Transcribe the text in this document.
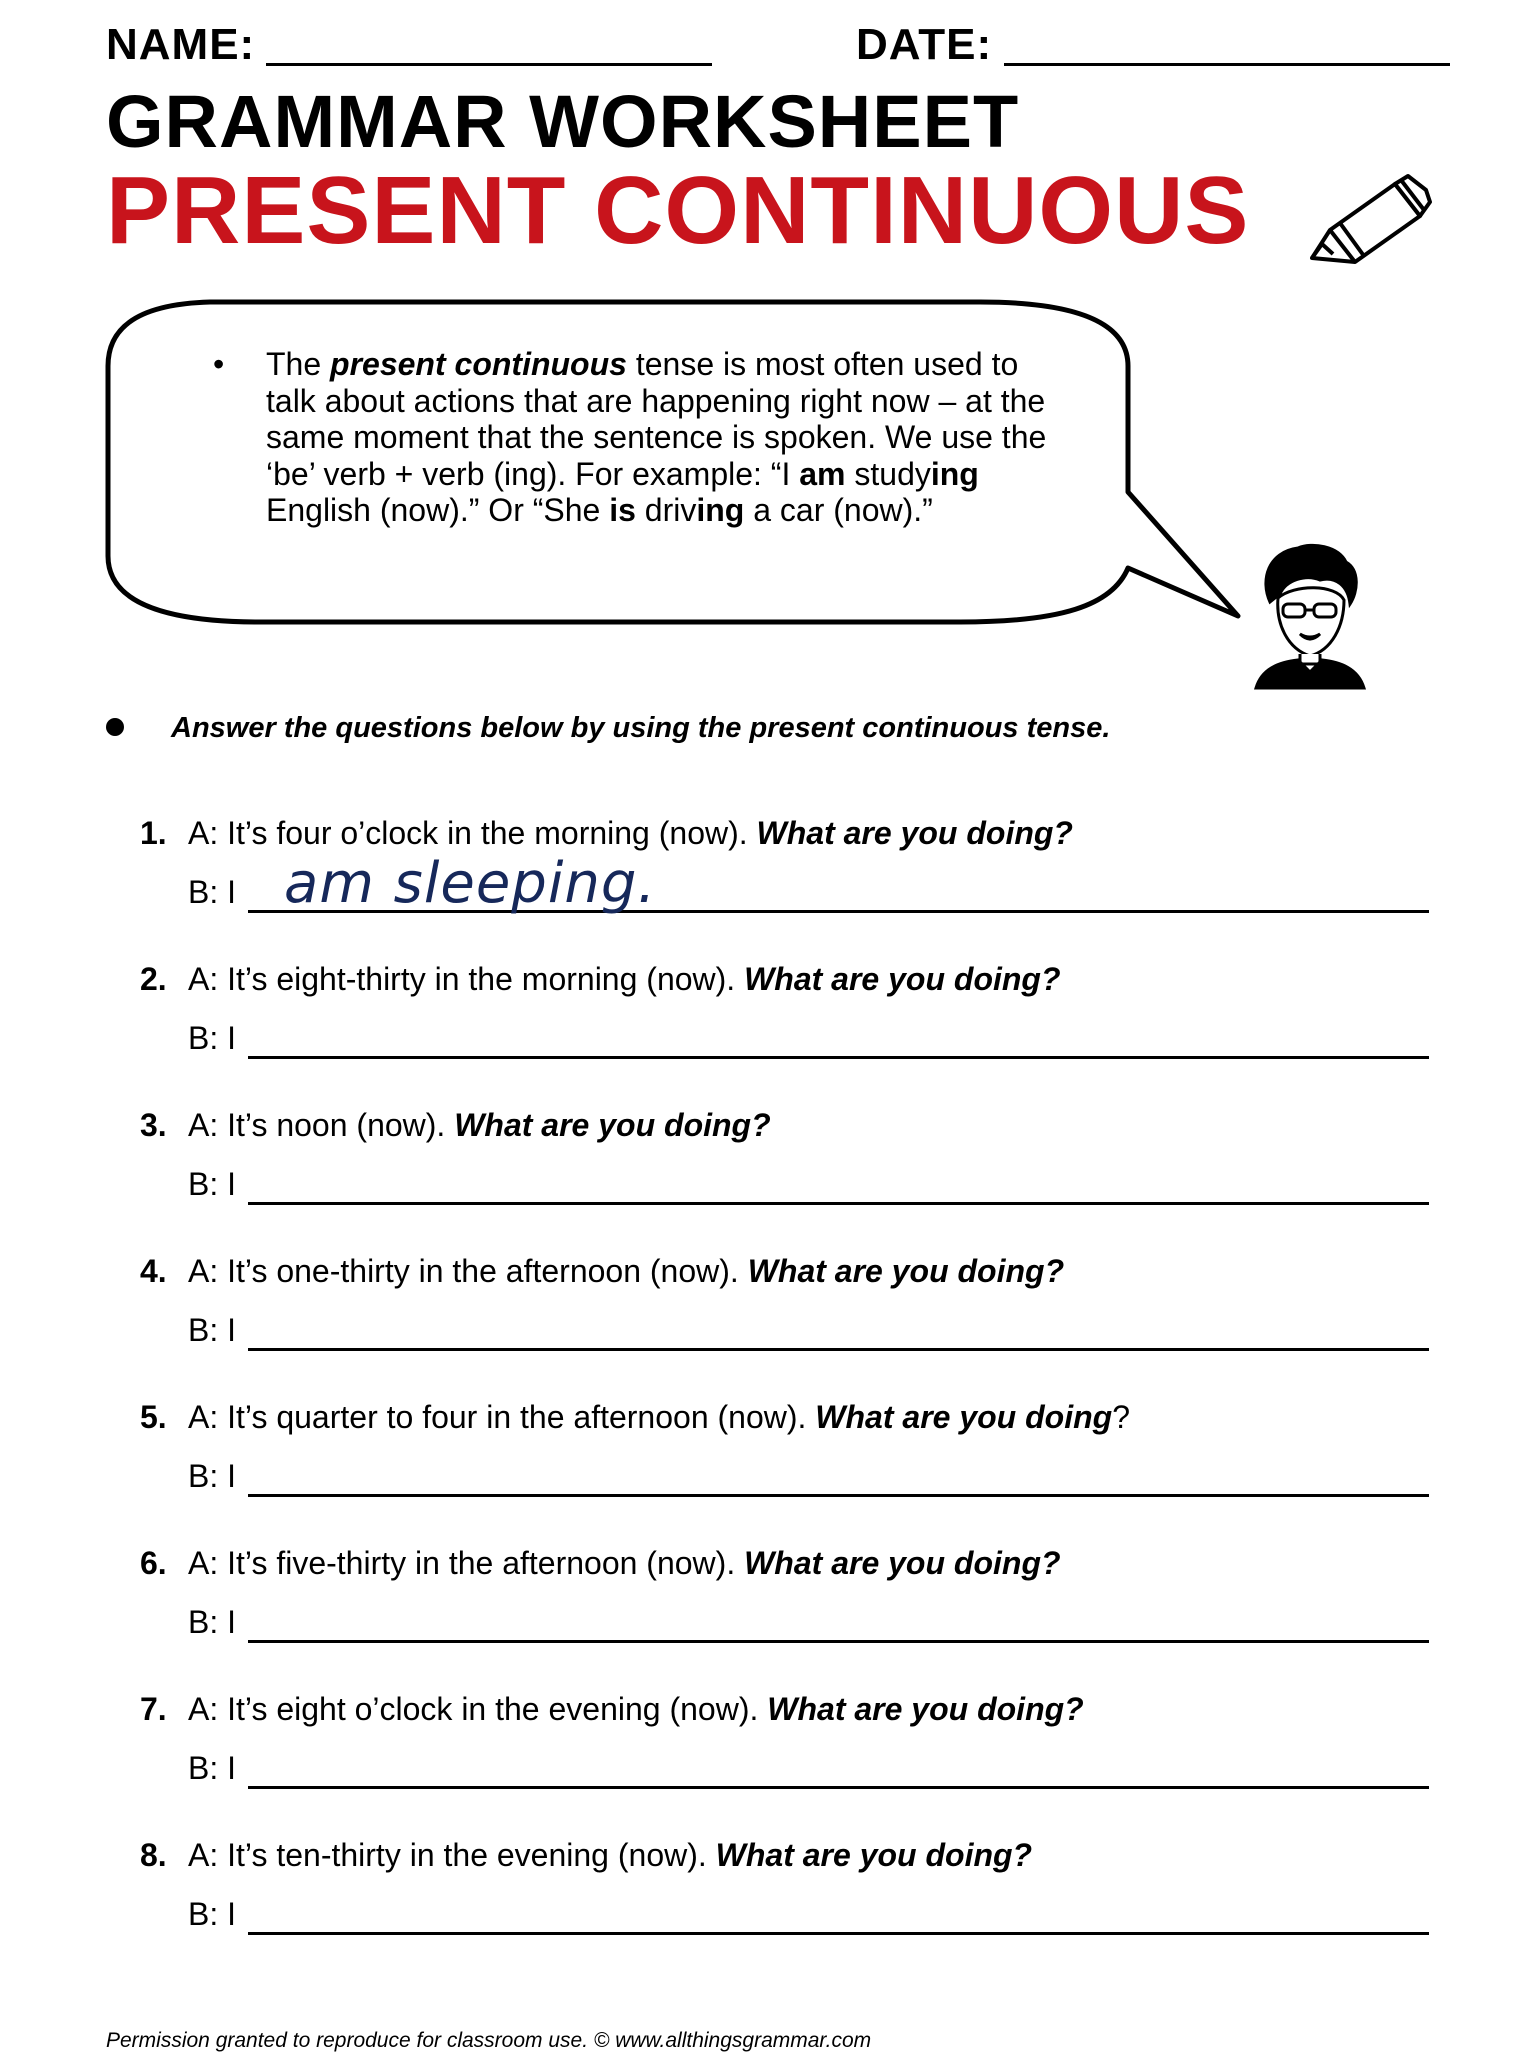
NAME:	DATE:
GRAMMAR WORKSHEET
PRESENT CONTINUOUS
• The present continuous tense is most often used to talk about actions that are happening right now – at the same moment that the sentence is spoken. We use the ‘be’ verb + verb (ing). For example: “I am studying English (now).” Or “She is driving a car (now).”
Answer the questions below by using the present continuous tense.
1. A: It’s four o’clock in the morning (now). What are you doing?
B: I am sleeping.
2. A: It’s eight-thirty in the morning (now). What are you doing?
B: I
3. A: It’s noon (now). What are you doing?
B: I
4. A: It’s one-thirty in the afternoon (now). What are you doing?
B: I
5. A: It’s quarter to four in the afternoon (now). What are you doing?
B: I
6. A: It’s five-thirty in the afternoon (now). What are you doing?
B: I
7. A: It’s eight o’clock in the evening (now). What are you doing?
B: I
8. A: It’s ten-thirty in the evening (now). What are you doing?
B: I
Permission granted to reproduce for classroom use. © www.allthingsgrammar.com
